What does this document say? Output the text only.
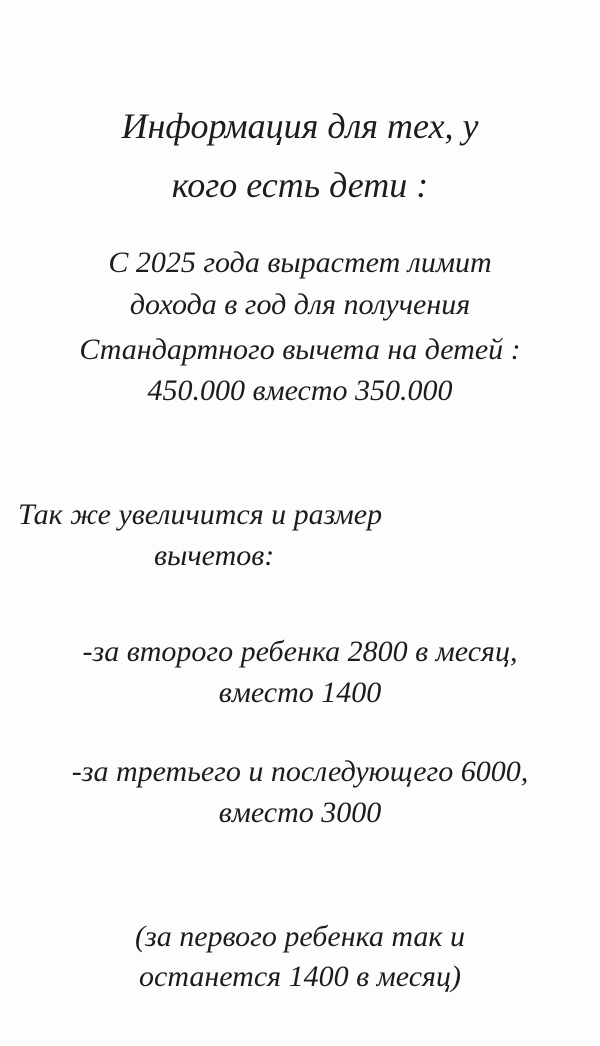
Информация для тех, у
кого есть дети :
С 2025 года вырастет лимит
дохода в год для получения
Стандартного вычета на детей :
450.000 вместо 350.000
Так же увеличится и размер
вычетов:
-за второго ребенка 2800 в месяц,
вместо 1400
-за третьего и последующего 6000,
вместо 3000
(за первого ребенка так и
останется 1400 в месяц)
